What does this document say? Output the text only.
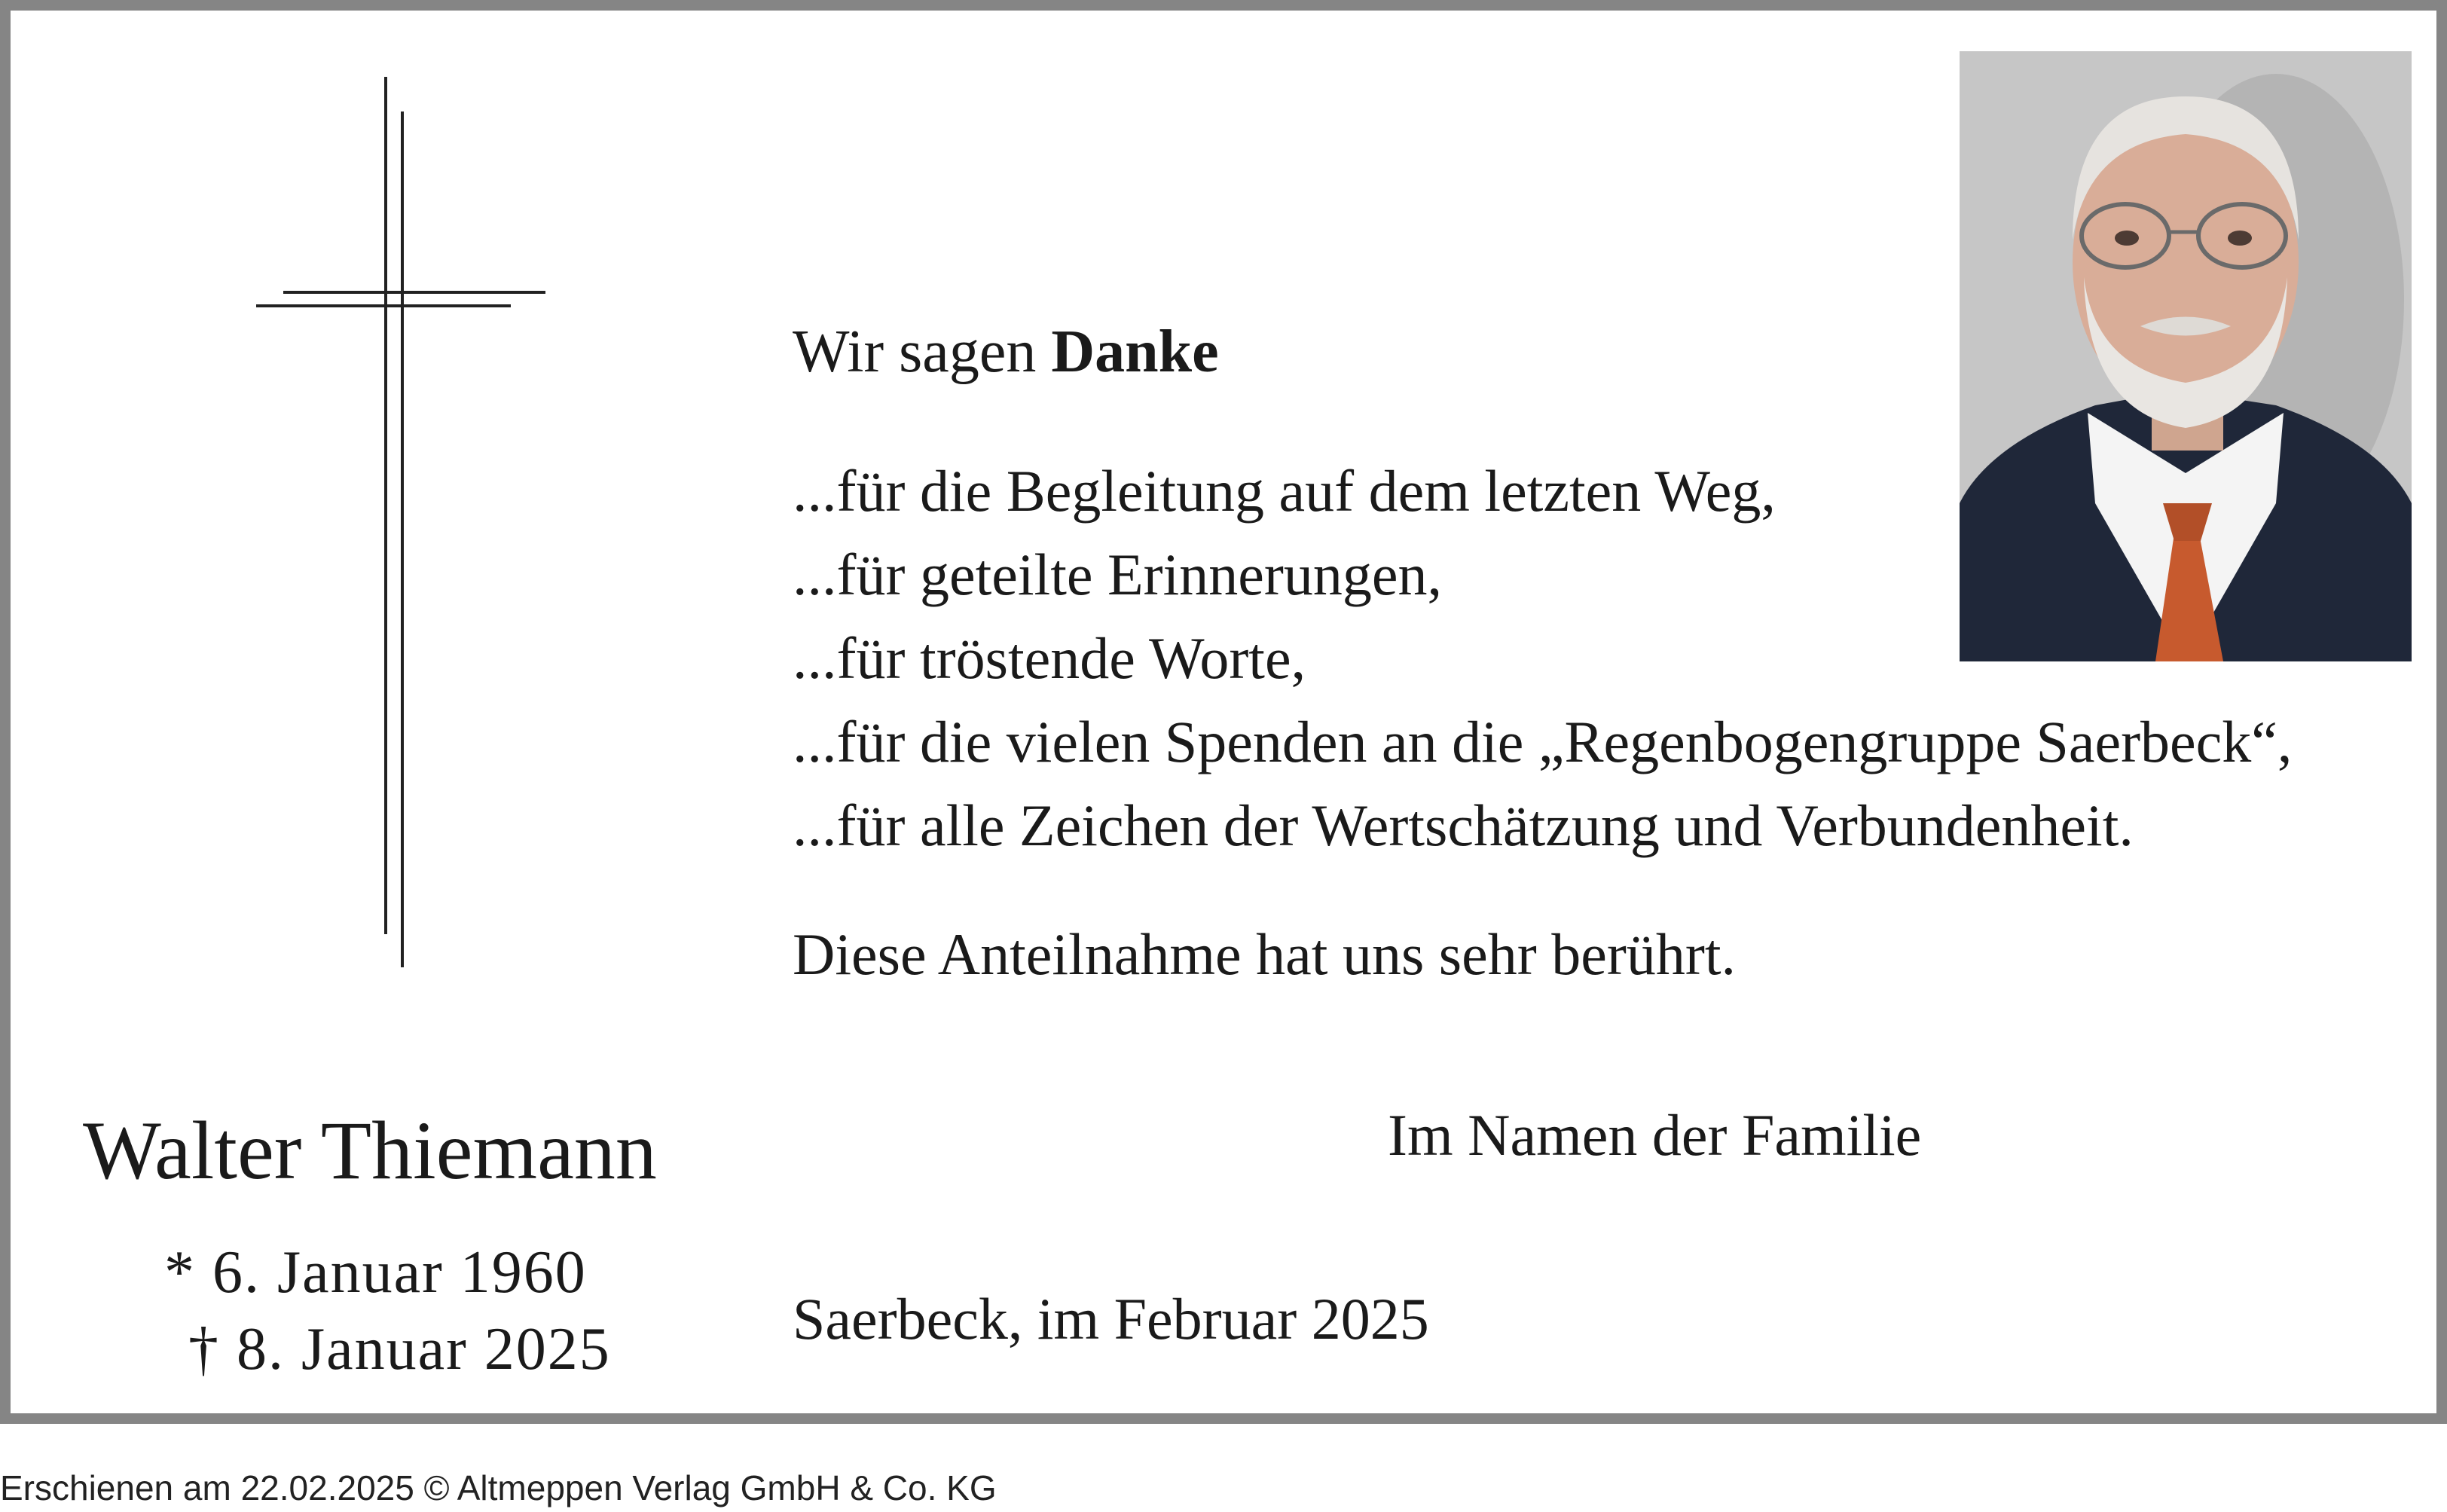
Wir sagen Danke
...für die Begleitung auf dem letzten Weg,
...für geteilte Erinnerungen,
...für tröstende Worte,
...für die vielen Spenden an die „Regenbogengruppe Saerbeck“,
...für alle Zeichen der Wertschätzung und Verbundenheit.
Diese Anteilnahme hat uns sehr berührt.
Im Namen der Familie
Saerbeck, im Februar 2025
Walter Thiemann
* 6. Januar 1960
† 8. Januar 2025
Erschienen am 22.02.2025 © Altmeppen Verlag GmbH & Co. KG
